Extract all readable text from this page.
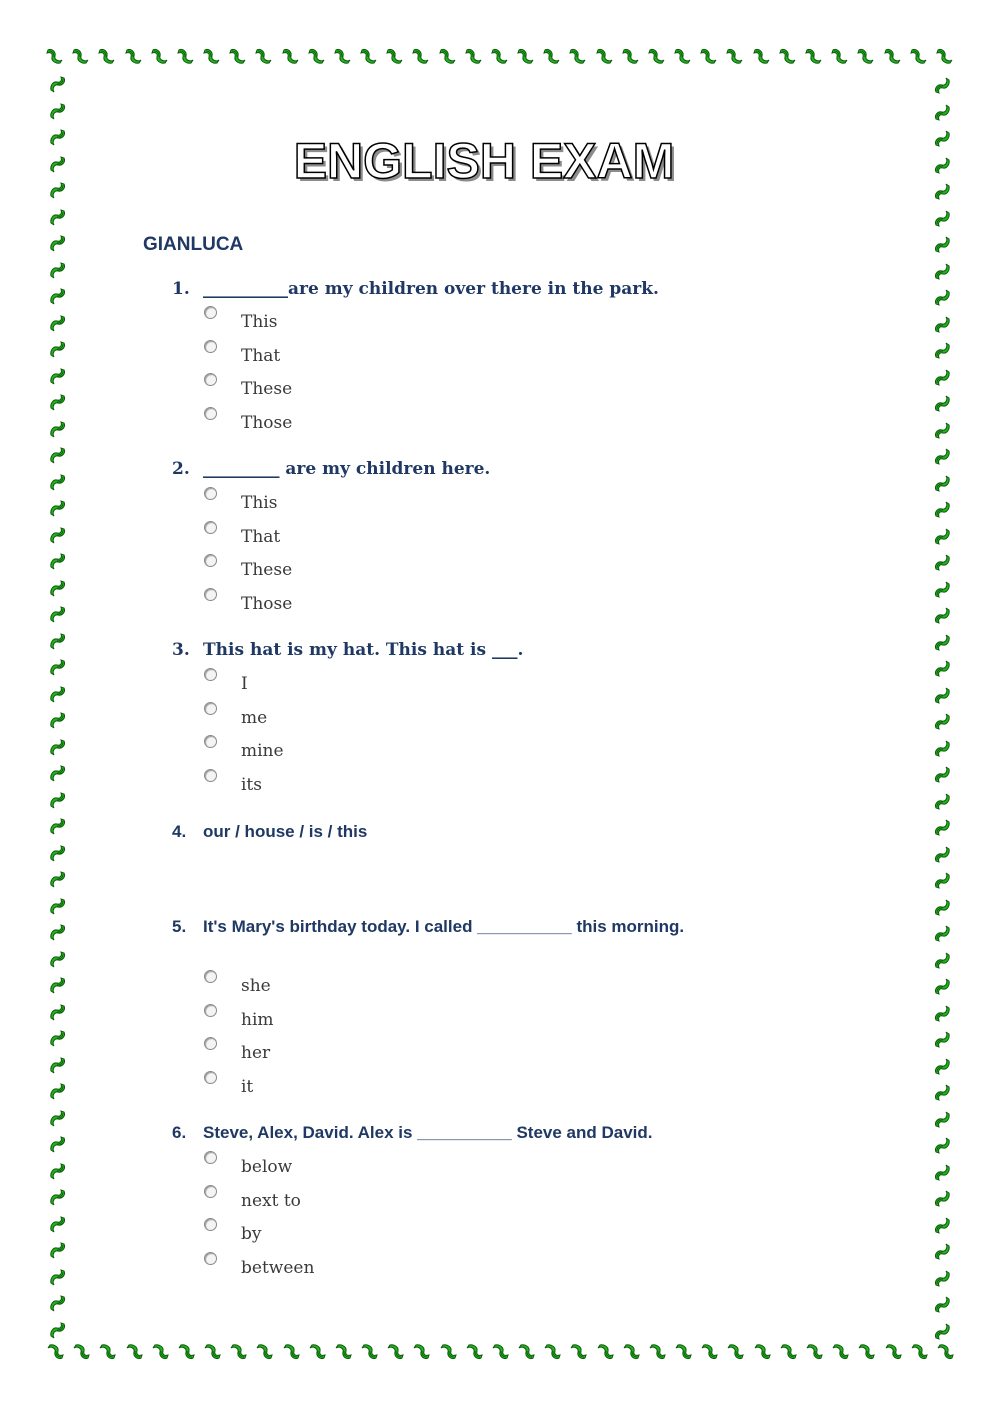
ENGLISH EXAM
GIANLUCA
1. __________are my children over there in the park.
This
That
These
Those
2. _________ are my children here.
This
That
These
Those
3. This hat is my hat. This hat is ___.
I
me
mine
its
4. our / house / is / this
5. It's Mary's birthday today. I called __________ this morning.
she
him
her
it
6. Steve, Alex, David. Alex is __________ Steve and David.
below
next to
by
between
